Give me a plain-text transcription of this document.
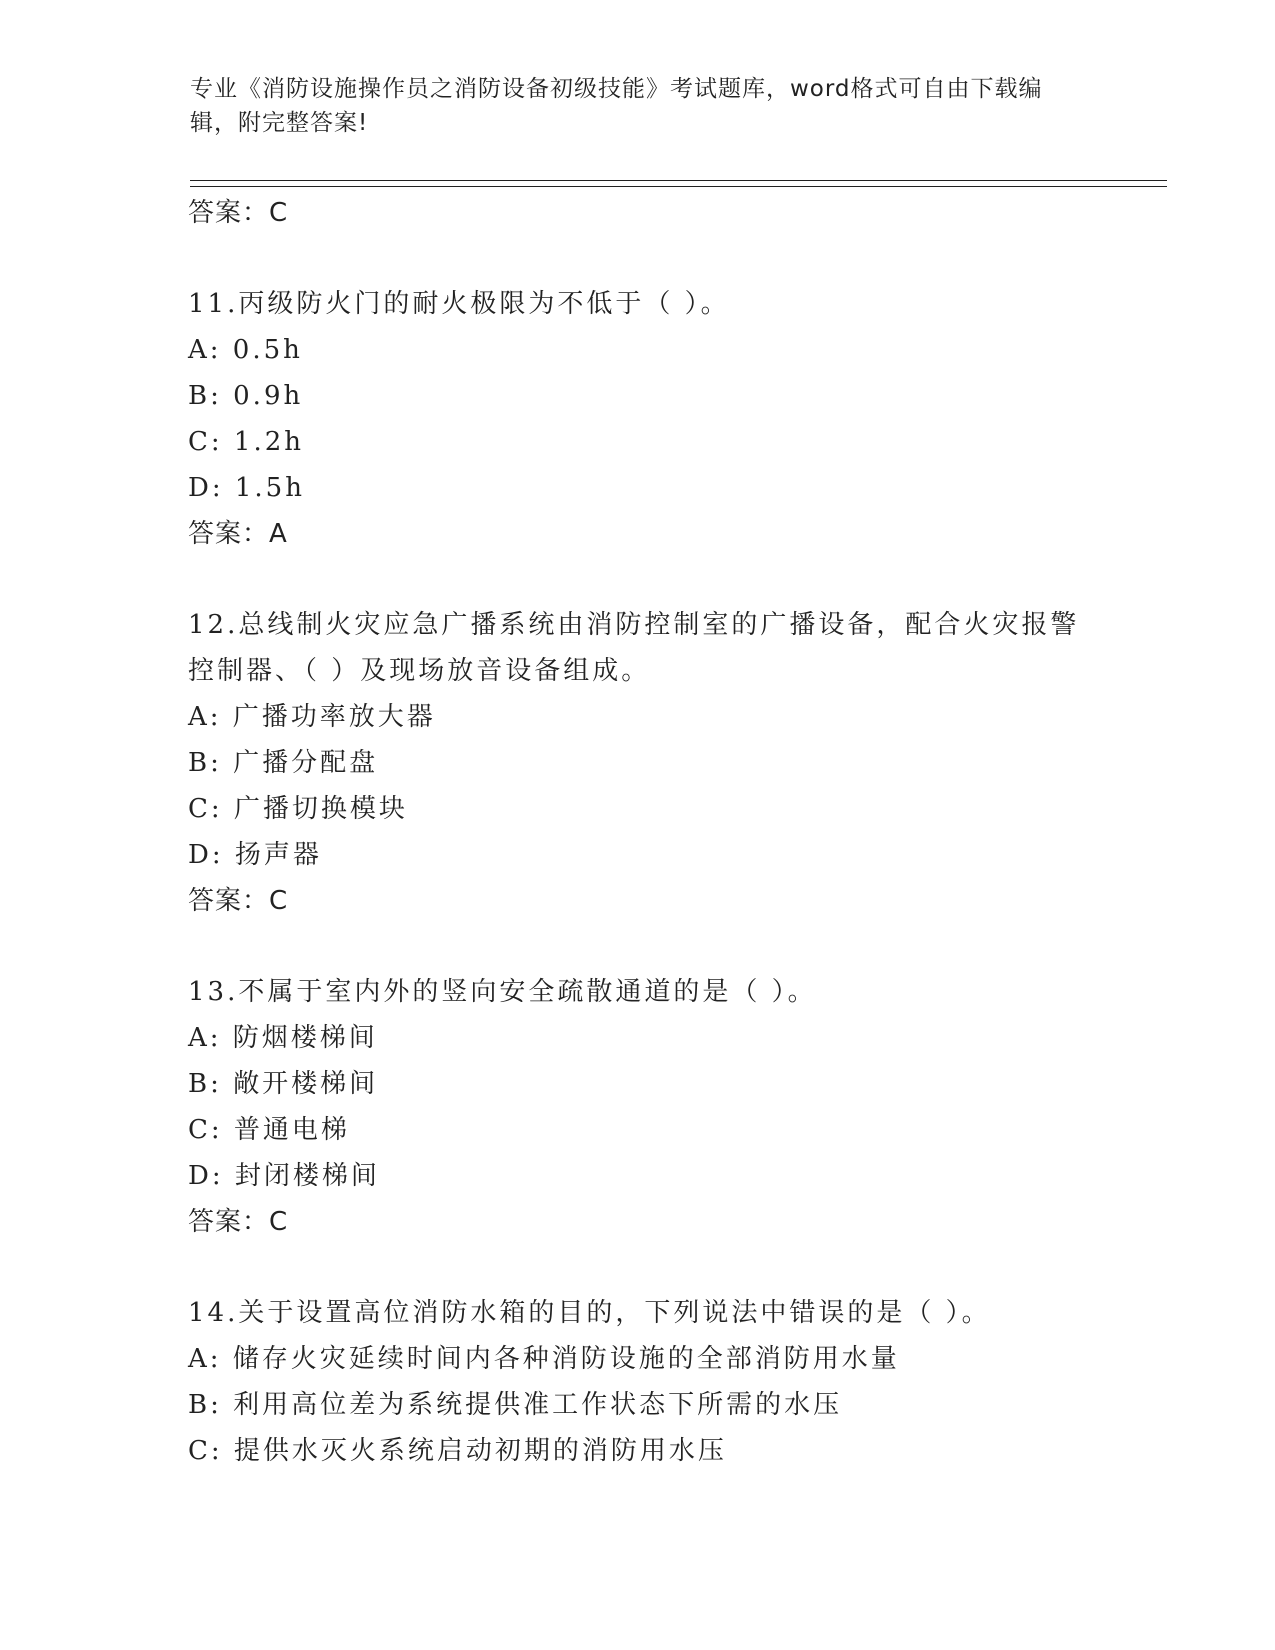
专业《消防设施操作员之消防设备初级技能》考试题库，word格式可自由下载编
辑，附完整答案!
答案：C
11.丙级防火门的耐火极限为不低于（ ）。
A: 0.5h
B: 0.9h
C: 1.2h
D: 1.5h
答案：A
12.总线制火灾应急广播系统由消防控制室的广播设备，配合火灾报警
控制器、（ ）及现场放音设备组成。
A: 广播功率放大器
B: 广播分配盘
C: 广播切换模块
D: 扬声器
答案：C
13.不属于室内外的竖向安全疏散通道的是（ ）。
A: 防烟楼梯间
B: 敞开楼梯间
C: 普通电梯
D: 封闭楼梯间
答案：C
14.关于设置高位消防水箱的目的，下列说法中错误的是（ ）。
A: 储存火灾延续时间内各种消防设施的全部消防用水量
B: 利用高位差为系统提供准工作状态下所需的水压
C: 提供水灭火系统启动初期的消防用水压
